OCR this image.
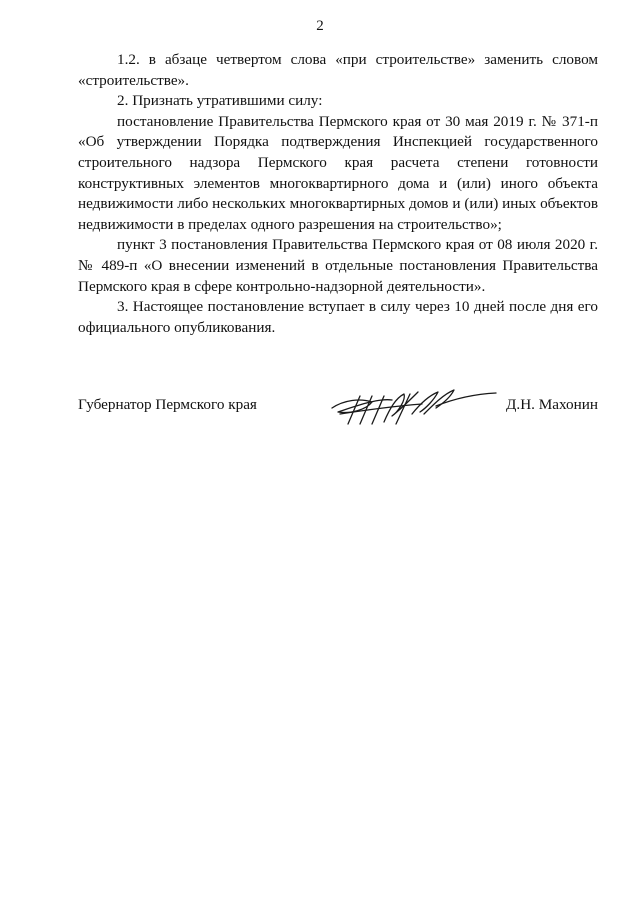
2

1.2. в абзаце четвертом слова «при строительстве» заменить словом «строительстве».

2. Признать утратившими силу:

постановление Правительства Пермского края от 30 мая 2019 г. № 371-п «Об утверждении Порядка подтверждения Инспекцией государственного строительного надзора Пермского края расчета степени готовности конструктивных элементов многоквартирного дома и (или) иного объекта недвижимости либо нескольких многоквартирных домов и (или) иных объектов недвижимости в пределах одного разрешения на строительство»;

пункт 3 постановления Правительства Пермского края от 08 июля 2020 г. № 489-п «О внесении изменений в отдельные постановления Правительства Пермского края в сфере контрольно-надзорной деятельности».

3. Настоящее постановление вступает в силу через 10 дней после дня его официального опубликования.

Губернатор Пермского края	Д.Н. Махонин
